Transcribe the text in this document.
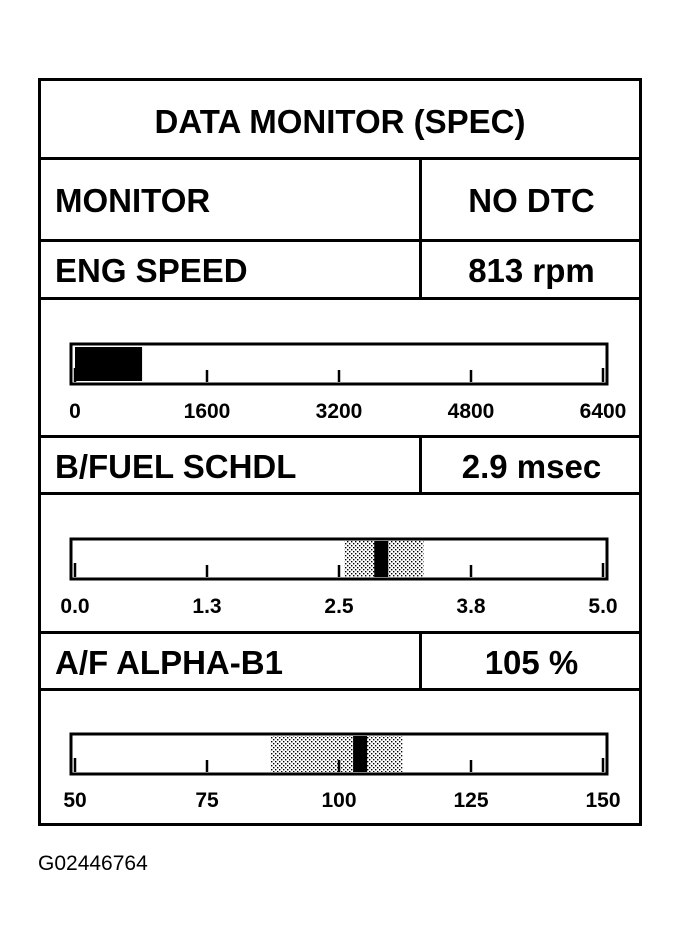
DATA MONITOR (SPEC)
MONITOR	NO DTC
ENG SPEED	813 rpm
0	1600	3200	4800	6400
B/FUEL SCHDL	2.9 msec
0.0	1.3	2.5	3.8	5.0
A/F ALPHA-B1	105 %
50	75	100	125	150
G02446764
